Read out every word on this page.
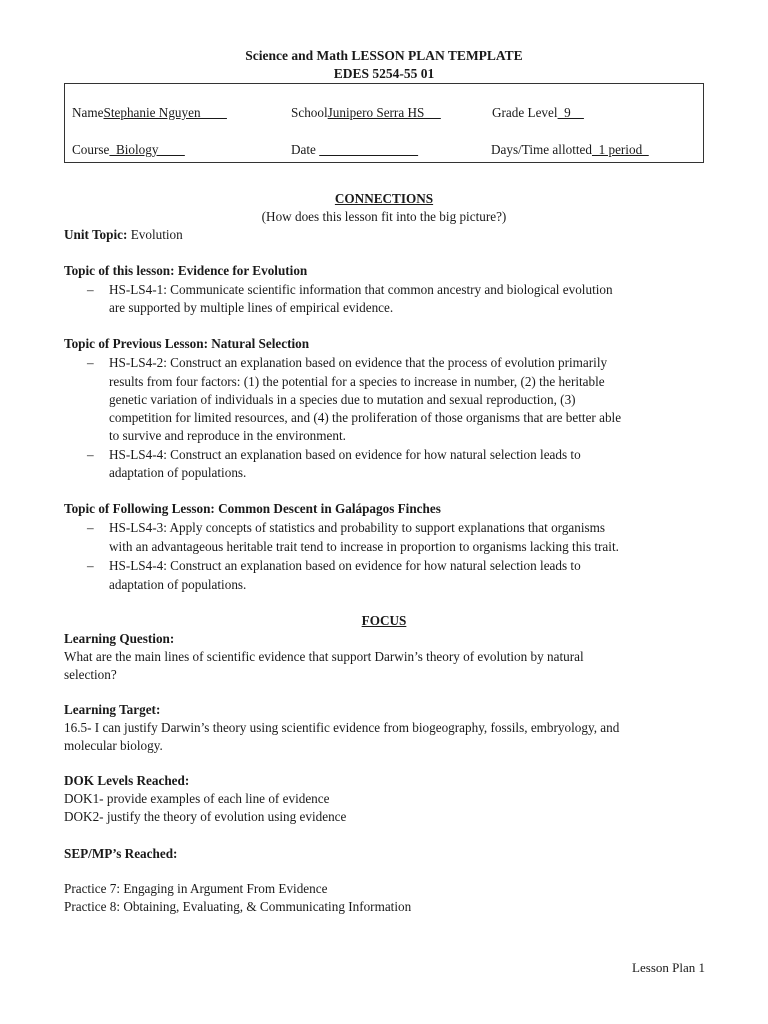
Science and Math LESSON PLAN TEMPLATE
EDES 5254-55 01
NameStephanie Nguyen	SchoolJunipero Serra HS	Grade Level  9
Course  Biology	Date	Days/Time allotted  1 period
CONNECTIONS
(How does this lesson fit into the big picture?)
Unit Topic: Evolution
Topic of this lesson: Evidence for Evolution
– HS-LS4-1: Communicate scientific information that common ancestry and biological evolution
are supported by multiple lines of empirical evidence.
Topic of Previous Lesson: Natural Selection
– HS-LS4-2: Construct an explanation based on evidence that the process of evolution primarily
results from four factors: (1) the potential for a species to increase in number, (2) the heritable
genetic variation of individuals in a species due to mutation and sexual reproduction, (3)
competition for limited resources, and (4) the proliferation of those organisms that are better able
to survive and reproduce in the environment.
– HS-LS4-4: Construct an explanation based on evidence for how natural selection leads to
adaptation of populations.
Topic of Following Lesson: Common Descent in Galápagos Finches
– HS-LS4-3: Apply concepts of statistics and probability to support explanations that organisms
with an advantageous heritable trait tend to increase in proportion to organisms lacking this trait.
– HS-LS4-4: Construct an explanation based on evidence for how natural selection leads to
adaptation of populations.
FOCUS
Learning Question:
What are the main lines of scientific evidence that support Darwin’s theory of evolution by natural
selection?
Learning Target:
16.5- I can justify Darwin’s theory using scientific evidence from biogeography, fossils, embryology, and
molecular biology.
DOK Levels Reached:
DOK1- provide examples of each line of evidence
DOK2- justify the theory of evolution using evidence
SEP/MP’s Reached:
Practice 7: Engaging in Argument From Evidence
Practice 8: Obtaining, Evaluating, & Communicating Information
Lesson Plan 1
